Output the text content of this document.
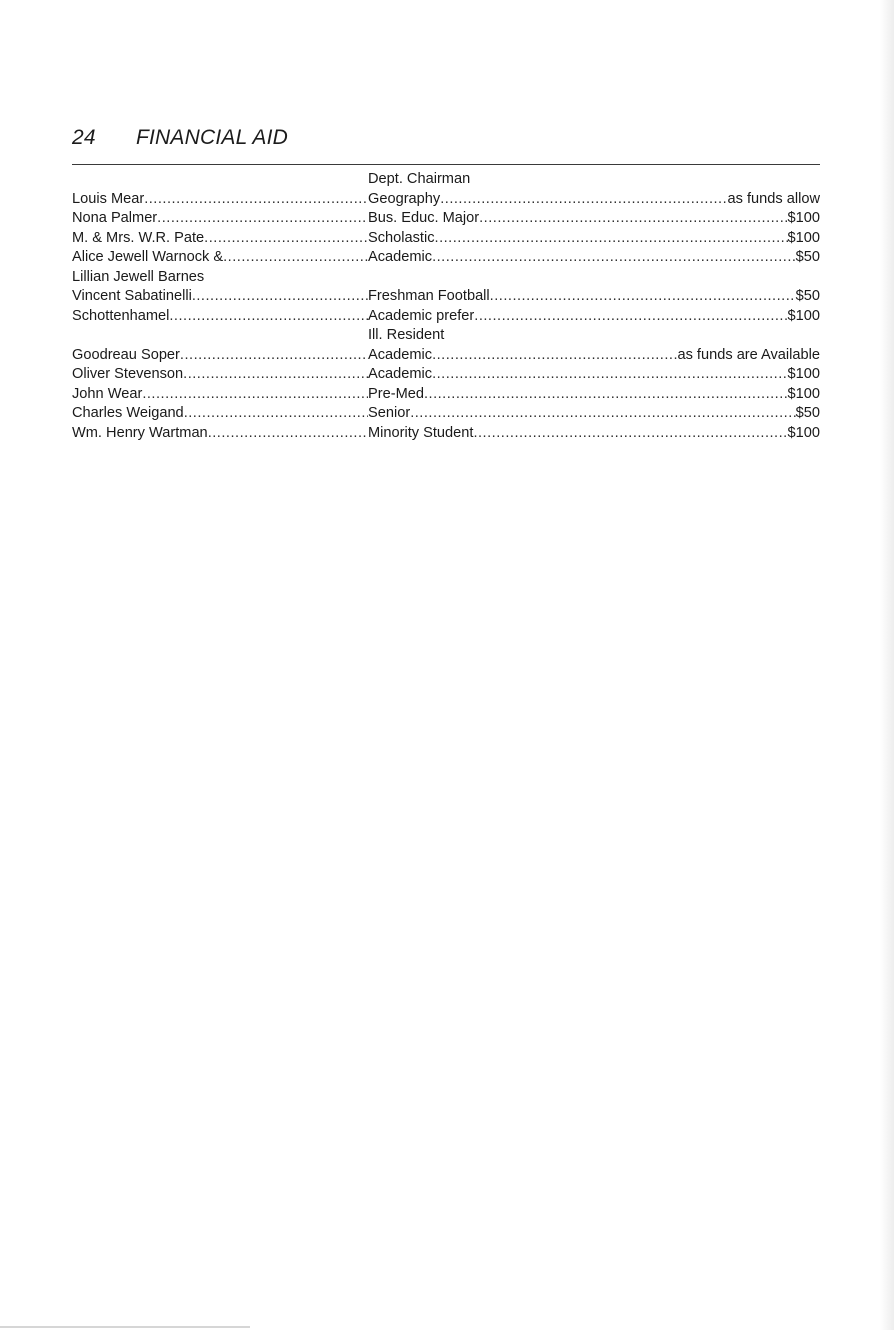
24 FINANCIAL AID
Dept. Chairman
Louis Mear .....	Geography .....	as funds allow
Nona Palmer .....	Bus. Educ. Major .....	$100
M. & Mrs. W.R. Pate .....	Scholastic .....	$100
Alice Jewell Warnock & .....	Academic .....	$50
Lillian Jewell Barnes
Vincent Sabatinelli .....	Freshman Football .....	$50
Schottenhamel .....	Academic prefer .....	$100
Ill. Resident
Goodreau Soper .....	Academic .....	as funds are Available
Oliver Stevenson .....	Academic .....	$100
John Wear .....	Pre-Med .....	$100
Charles Weigand .....	Senior .....	$50
Wm. Henry Wartman .....	Minority Student .....	$100
